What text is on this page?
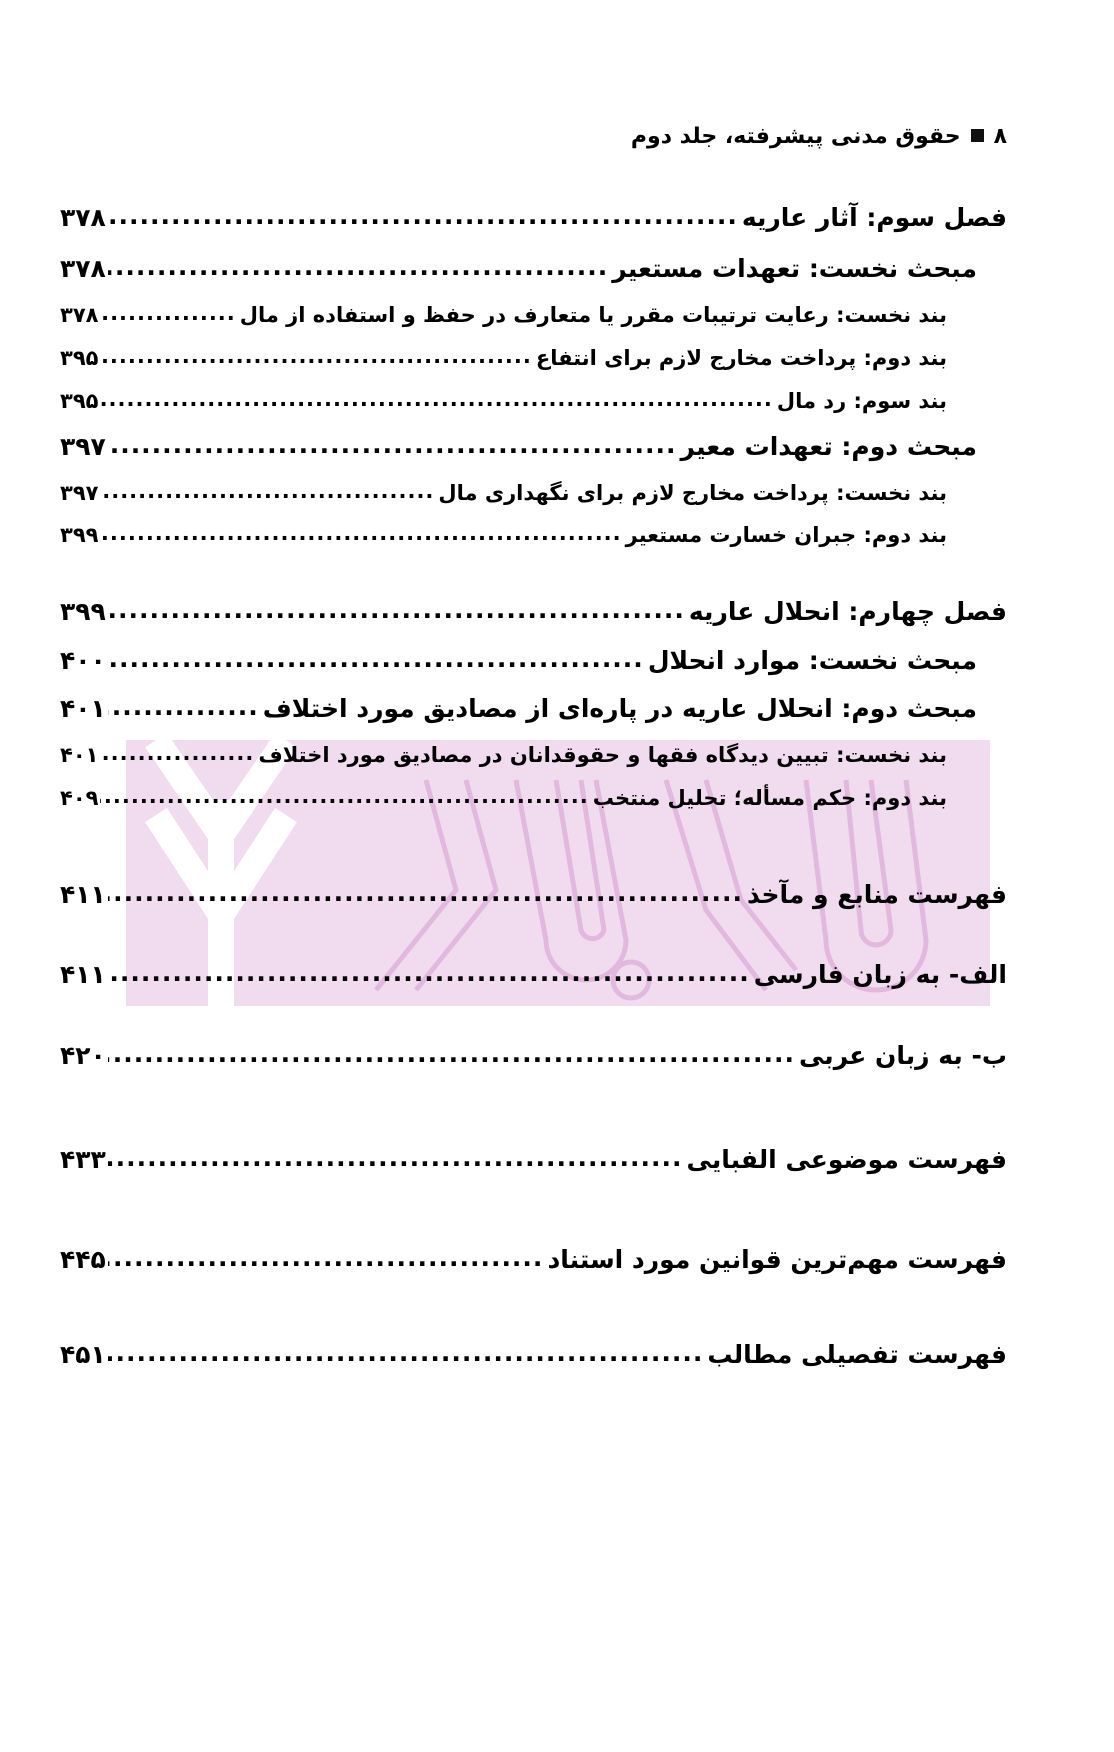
۸حقوق مدنی پیشرفته، جلد دوم
فصل سوم: آثار عاریه
.....
۳۷۸
مبحث نخست: تعهدات مستعیر
.....
۳۷۸
بند نخست: رعایت ترتیبات مقرر یا متعارف در حفظ و استفاده از مال
.....
۳۷۸
بند دوم: پرداخت مخارج لازم برای انتفاع
.....
۳۹۵
بند سوم: رد مال
.....
۳۹۵
مبحث دوم: تعهدات معیر
.....
۳۹۷
بند نخست: پرداخت مخارج لازم برای نگهداری مال
.....
۳۹۷
بند دوم: جبران خسارت مستعیر
.....
۳۹۹
فصل چهارم: انحلال عاریه
.....
۳۹۹
مبحث نخست: موارد انحلال
.....
۴۰۰
مبحث دوم: انحلال عاریه در پاره‌ای از مصادیق مورد اختلاف
.....
۴۰۱
بند نخست: تبیین دیدگاه فقها و حقوقدانان در مصادیق مورد اختلاف
.....
۴۰۱
بند دوم: حکم مسأله؛ تحلیل منتخب
.....
۴۰۹
فهرست منابع و مآخذ
.....
۴۱۱
الف- به زبان فارسی
.....
۴۱۱
ب- به زبان عربی
.....
۴۲۰
فهرست موضوعی الفبایی
.....
۴۳۳
فهرست مهم‌ترین قوانین مورد استناد
.....
۴۴۵
فهرست تفصیلی مطالب
.....
۴۵۱
